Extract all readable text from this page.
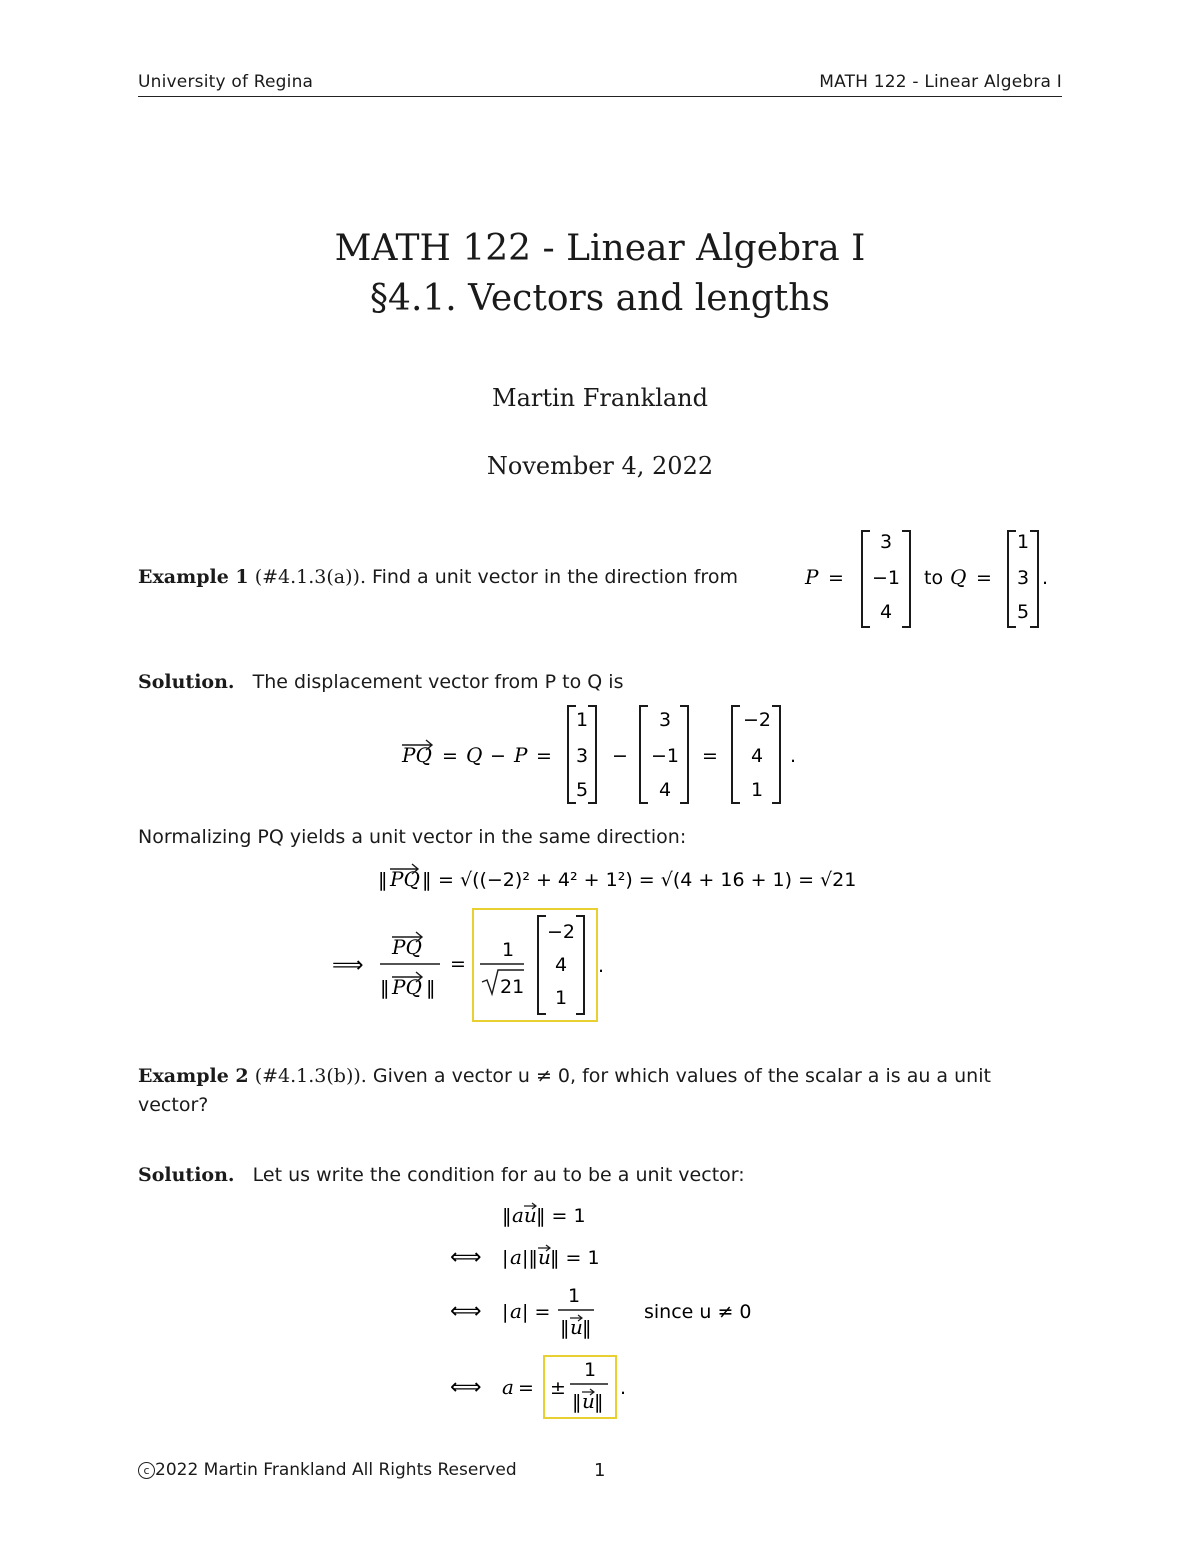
University of Regina	MATH 122 - Linear Algebra I
MATH 122 - Linear Algebra I
§4.1. Vectors and lengths
Martin Frankland
November 4, 2022
Example 1 (#4.1.3(a)). Find a unit vector in the direction from	P =
3
−1
4
to Q =
1
3
5
.
Solution. The displacement vector from P to Q is
PQ = Q − P =
1
3
5
−
3
−1
4
=
−2
4
1
.
Normalizing PQ yields a unit vector in the same direction:
‖ PQ ‖ = √((−2)² + 4² + 1²) = √(4 + 16 + 1) = √21
⟹
PQ
‖ PQ ‖
=
1
21
−2
4
1
.
Example 2 (#4.1.3(b)). Given a vector u ≠ 0, for which values of the scalar a is au a unit
vector?
Solution. Let us write the condition for au to be a unit vector:
‖ au ‖ = 1
⟺ | a |‖ u ‖ = 1
⟺ | a | =
1
‖ u ‖
since u ≠ 0
⟺ a = ±
1
‖ u ‖
.
c 2022 Martin Frankland All Rights Reserved	1
